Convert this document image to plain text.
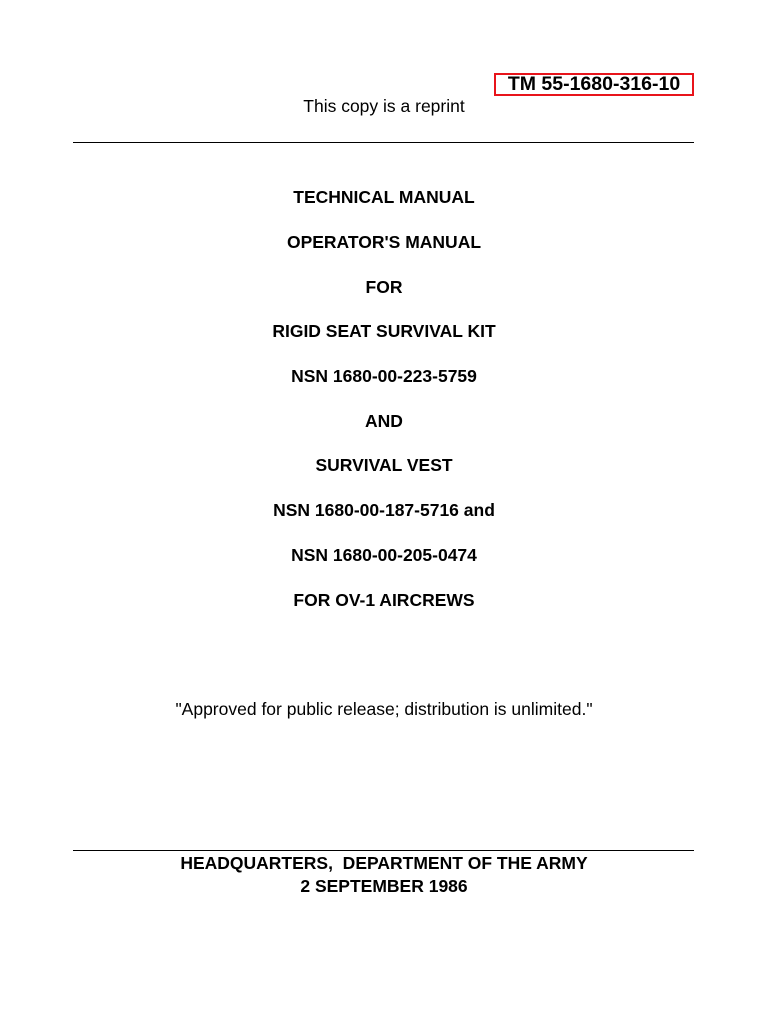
TM 55-1680-316-10
This copy is a reprint
TECHNICAL MANUAL
OPERATOR'S MANUAL
FOR
RIGID SEAT SURVIVAL KIT
NSN 1680-00-223-5759
AND
SURVIVAL VEST
NSN 1680-00-187-5716 and
NSN 1680-00-205-0474
FOR OV-1 AIRCREWS
"Approved for public release; distribution is unlimited."
HEADQUARTERS,  DEPARTMENT OF THE ARMY
2 SEPTEMBER 1986
